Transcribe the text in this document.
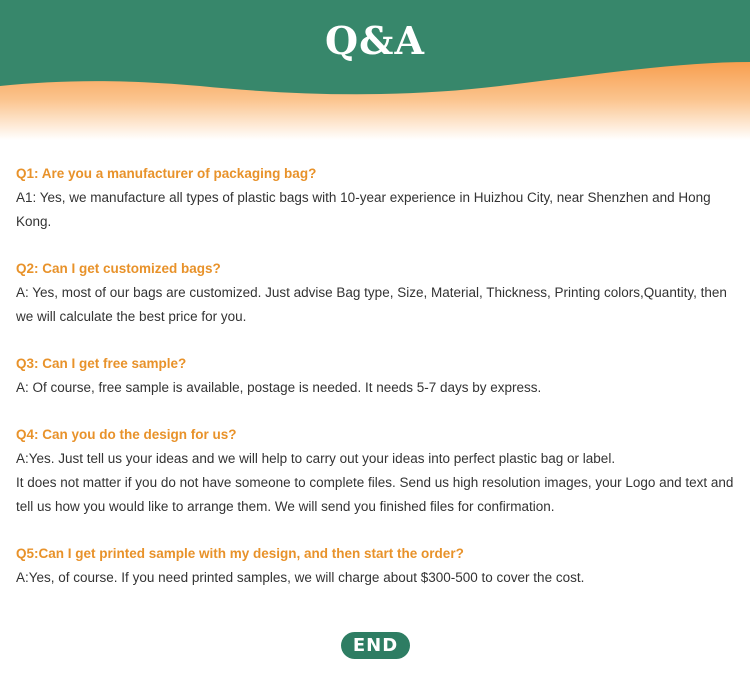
Q&A

Q1: Are you a manufacturer of packaging bag?

A1: Yes, we manufacture all types of plastic bags with 10-year experience in Huizhou City, near Shenzhen and Hong Kong.

Q2: Can I get customized bags?

A: Yes, most of our bags are customized. Just advise Bag type, Size, Material, Thickness, Printing colors,Quantity, then we will calculate the best price for you.

Q3: Can I get free sample?

A: Of course, free sample is available, postage is needed. It needs 5-7 days by express.

Q4: Can you do the design for us?

A:Yes. Just tell us your ideas and we will help to carry out your ideas into perfect plastic bag or label.

It does not matter if you do not have someone to complete files. Send us high resolution images, your Logo and text and tell us how you would like to arrange them. We will send you finished files for confirmation.

Q5:Can I get printed sample with my design, and then start the order?

A:Yes, of course. If you need printed samples, we will charge about $300-500 to cover the cost.

END
